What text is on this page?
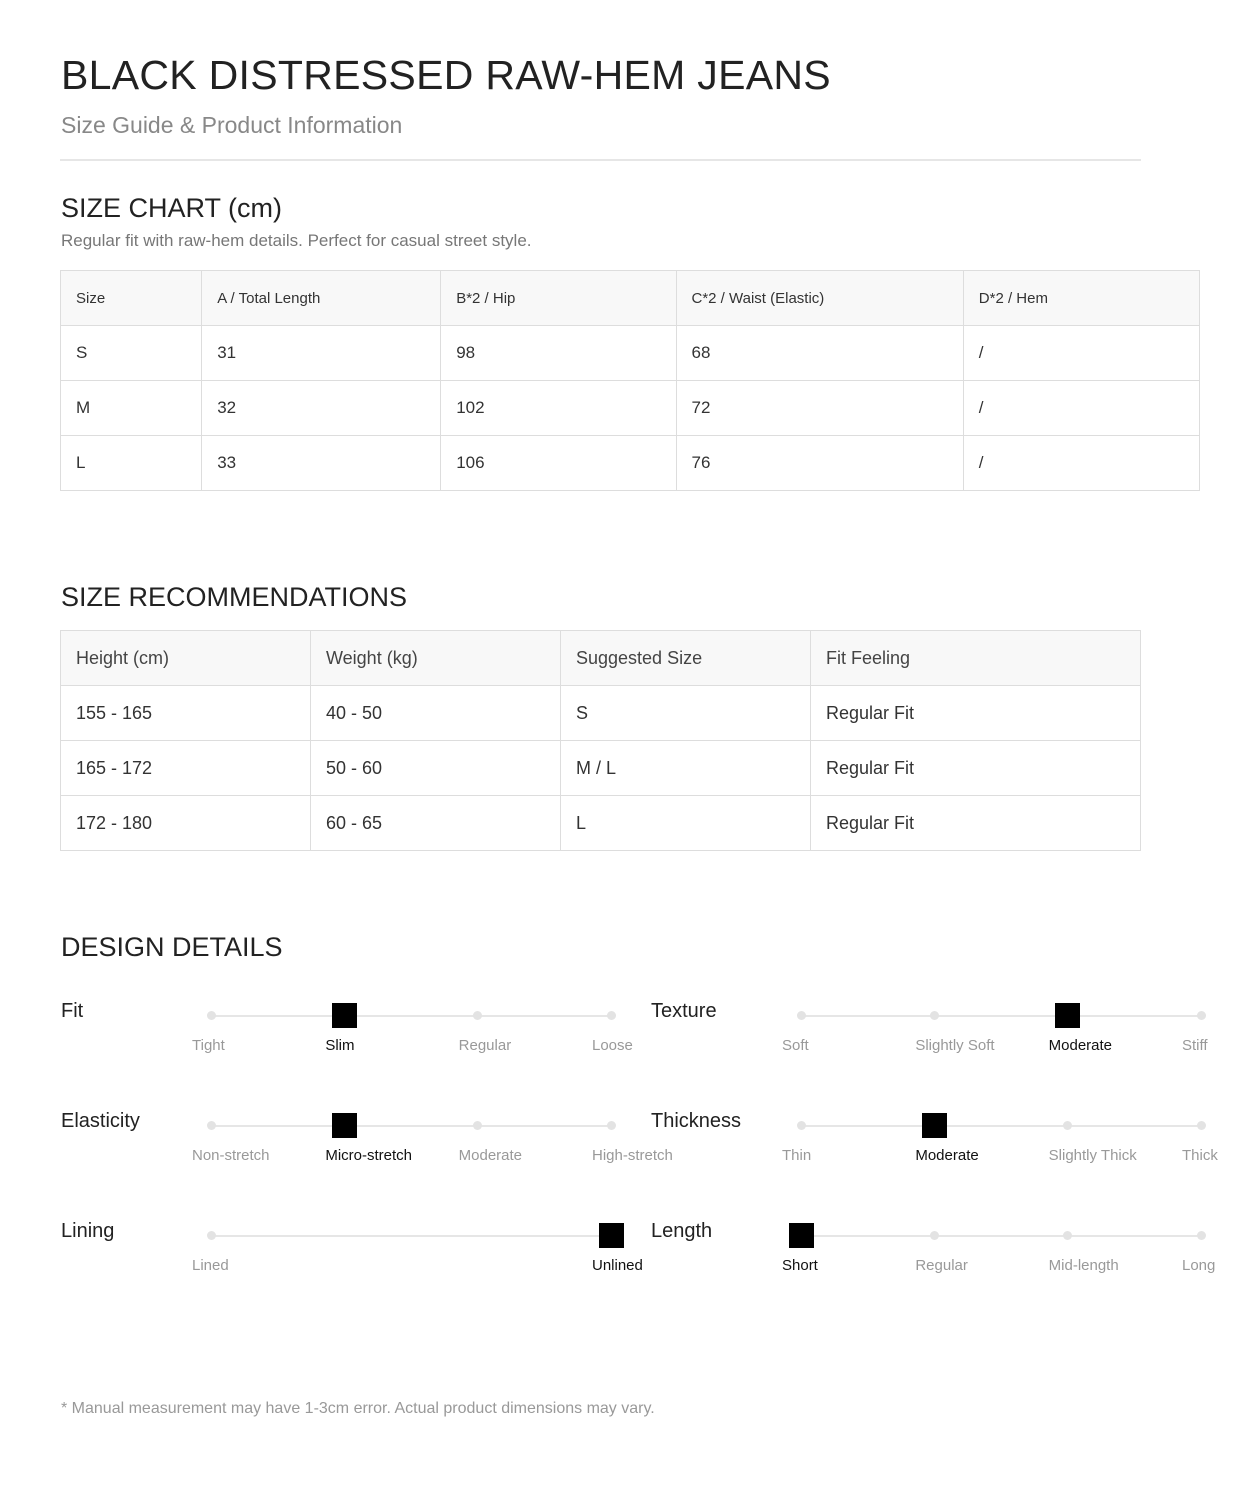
BLACK DISTRESSED RAW-HEM JEANS

Size Guide & Product Information

SIZE CHART (cm)

Regular fit with raw-hem details. Perfect for casual street style.

Size	A / Total Length	B*2 / Hip	C*2 / Waist (Elastic)	D*2 / Hem
S	31	98	68	/
M	32	102	72	/
L	33	106	76	/
SIZE RECOMMENDATIONS
Height (cm)	Weight (kg)	Suggested Size	Fit Feeling
155 - 165	40 - 50	S	Regular Fit
165 - 172	50 - 60	M / L	Regular Fit
172 - 180	60 - 65	L	Regular Fit
DESIGN DETAILS
Fit
Tight	Slim	Regular	Loose
Texture
Soft	Slightly Soft	Moderate	Stiff
Elasticity
Non-stretch	Micro-stretch	Moderate	High-stretch
Thickness
Thin	Moderate	Slightly Thick	Thick
Lining
Lined	Unlined
Length
Short	Regular	Mid-length	Long

* Manual measurement may have 1-3cm error. Actual product dimensions may vary.
